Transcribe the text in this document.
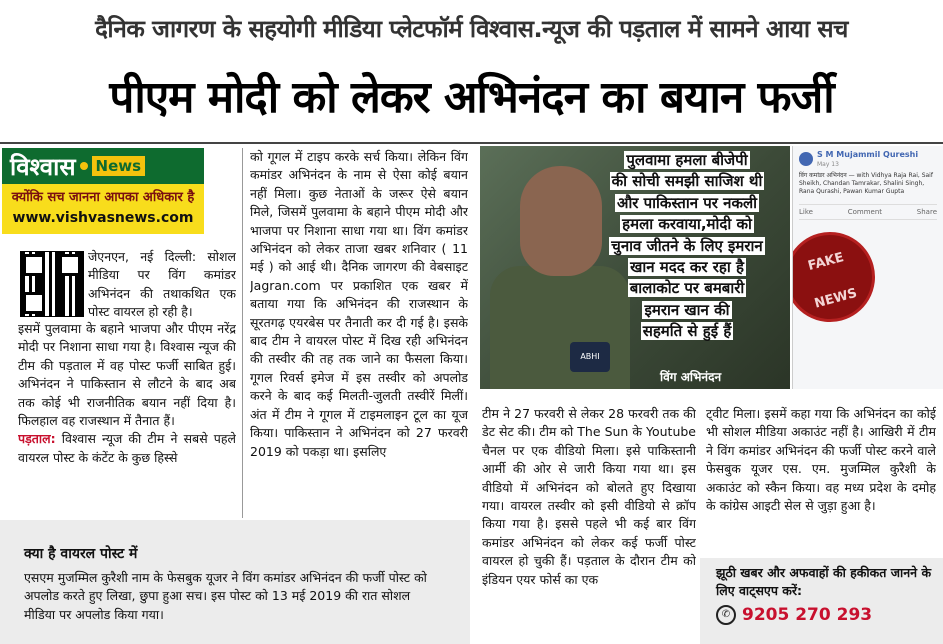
दैनिक जागरण के सहयोगी मीडिया प्लेटफॉर्म विश्वास.न्यूज की पड़ताल में सामने आया सच
पीएम मोदी को लेकर अभिनंदन का बयान फर्जी
विश्वास News
क्योंकि सच जानना आपका अधिकार है
www.vishvasnews.com
जेएनएन, नई दिल्ली: सोशल मीडिया पर विंग कमांडर अभिनंदन की तथाकथित एक पोस्ट वायरल हो रही है।
इसमें पुलवामा के बहाने भाजपा और पीएम नरेंद्र मोदी पर निशाना साधा गया है। विश्वास न्यूज की टीम की पड़ताल में वह पोस्ट फर्जी साबित हुई। अभिनंदन ने पाकिस्तान से लौटने के बाद अब तक कोई भी राजनीतिक बयान नहीं दिया है। फिलहाल वह राजस्थान में तैनात हैं।
पड़ताल: विश्वास न्यूज की टीम ने सबसे पहले वायरल पोस्ट के कंटेंट के कुछ हिस्से
को गूगल में टाइप करके सर्च किया। लेकिन विंग कमांडर अभिनंदन के नाम से ऐसा कोई बयान नहीं मिला। कुछ नेताओं के जरूर ऐसे बयान मिले, जिसमें पुलवामा के बहाने पीएम मोदी और भाजपा पर निशाना साधा गया था। विंग कमांडर अभिनंदन को लेकर ताजा खबर शनिवार ( 11 मई ) को आई थी। दैनिक जागरण की वेबसाइट Jagran.com पर प्रकाशित एक खबर में बताया गया कि अभिनंदन की राजस्थान के सूरतगढ़ एयरबेस पर तैनाती कर दी गई है। इसके बाद टीम ने वायरल पोस्ट में दिख रही अभिनंदन की तस्वीर की तह तक जाने का फैसला किया। गूगल रिवर्स इमेज में इस तस्वीर को अपलोड करने के बाद कई मिलती-जुलती तस्वीरें मिलीं। अंत में टीम ने गूगल में टाइमलाइन टूल का यूज किया। पाकिस्तान ने अभिनंदन को 27 फरवरी 2019 को पकड़ा था। इसलिए
ABHI
पुलवामा हमला बीजेपी
की सोची समझी साजिश थी
और पाकिस्तान पर नकली
हमला करवाया,मोदी को
चुनाव जीतने के लिए इमरान
खान मदद कर रहा है
बालाकोट पर बमबारी
इमरान खान की
सहमति से हुई हैं
विंग अभिनंदन
S M Mujammil Qureshi
May 13
विंग कमांडर अभिनंदन — with Vidhya Raja Rai, Saif Sheikh, Chandan Tamrakar, Shalini Singh, Rana Qurashi, Pawan Kumar Gupta
Like	Comment	Share
FAKE NEWS
टीम ने 27 फरवरी से लेकर 28 फरवरी तक की डेट सेट की। टीम को The Sun के Youtube चैनल पर एक वीडियो मिला। इसे पाकिस्तानी आर्मी की ओर से जारी किया गया था। इस वीडियो में अभिनंदन को बोलते हुए दिखाया गया। वायरल तस्वीर को इसी वीडियो से क्रॉप किया गया है। इससे पहले भी कई बार विंग कमांडर अभिनंदन को लेकर कई फर्जी पोस्ट वायरल हो चुकी हैं। पड़ताल के दौरान टीम को इंडियन एयर फोर्स का एक
ट्वीट मिला। इसमें कहा गया कि अभिनंदन का कोई भी सोशल मीडिया अकाउंट नहीं है। आखिरी में टीम ने विंग कमांडर अभिनंदन की फर्जी पोस्ट करने वाले फेसबुक यूजर एस. एम. मुजम्मिल कुरैशी के अकाउंट को स्कैन किया। वह मध्य प्रदेश के दमोह के कांग्रेस आइटी सेल से जुड़ा हुआ है।
क्या है वायरल पोस्ट में
एसएम मुजम्मिल कुरैशी नाम के फेसबुक यूजर ने विंग कमांडर अभिनंदन की फर्जी पोस्ट को अपलोड करते हुए लिखा, छुपा हुआ सच। इस पोस्ट को 13 मई 2019 की रात सोशल मीडिया पर अपलोड किया गया।
झूठी खबर और अफवाहों की हकीकत जानने के लिए वाट्सएप करें:
✆ 9205 270 293
